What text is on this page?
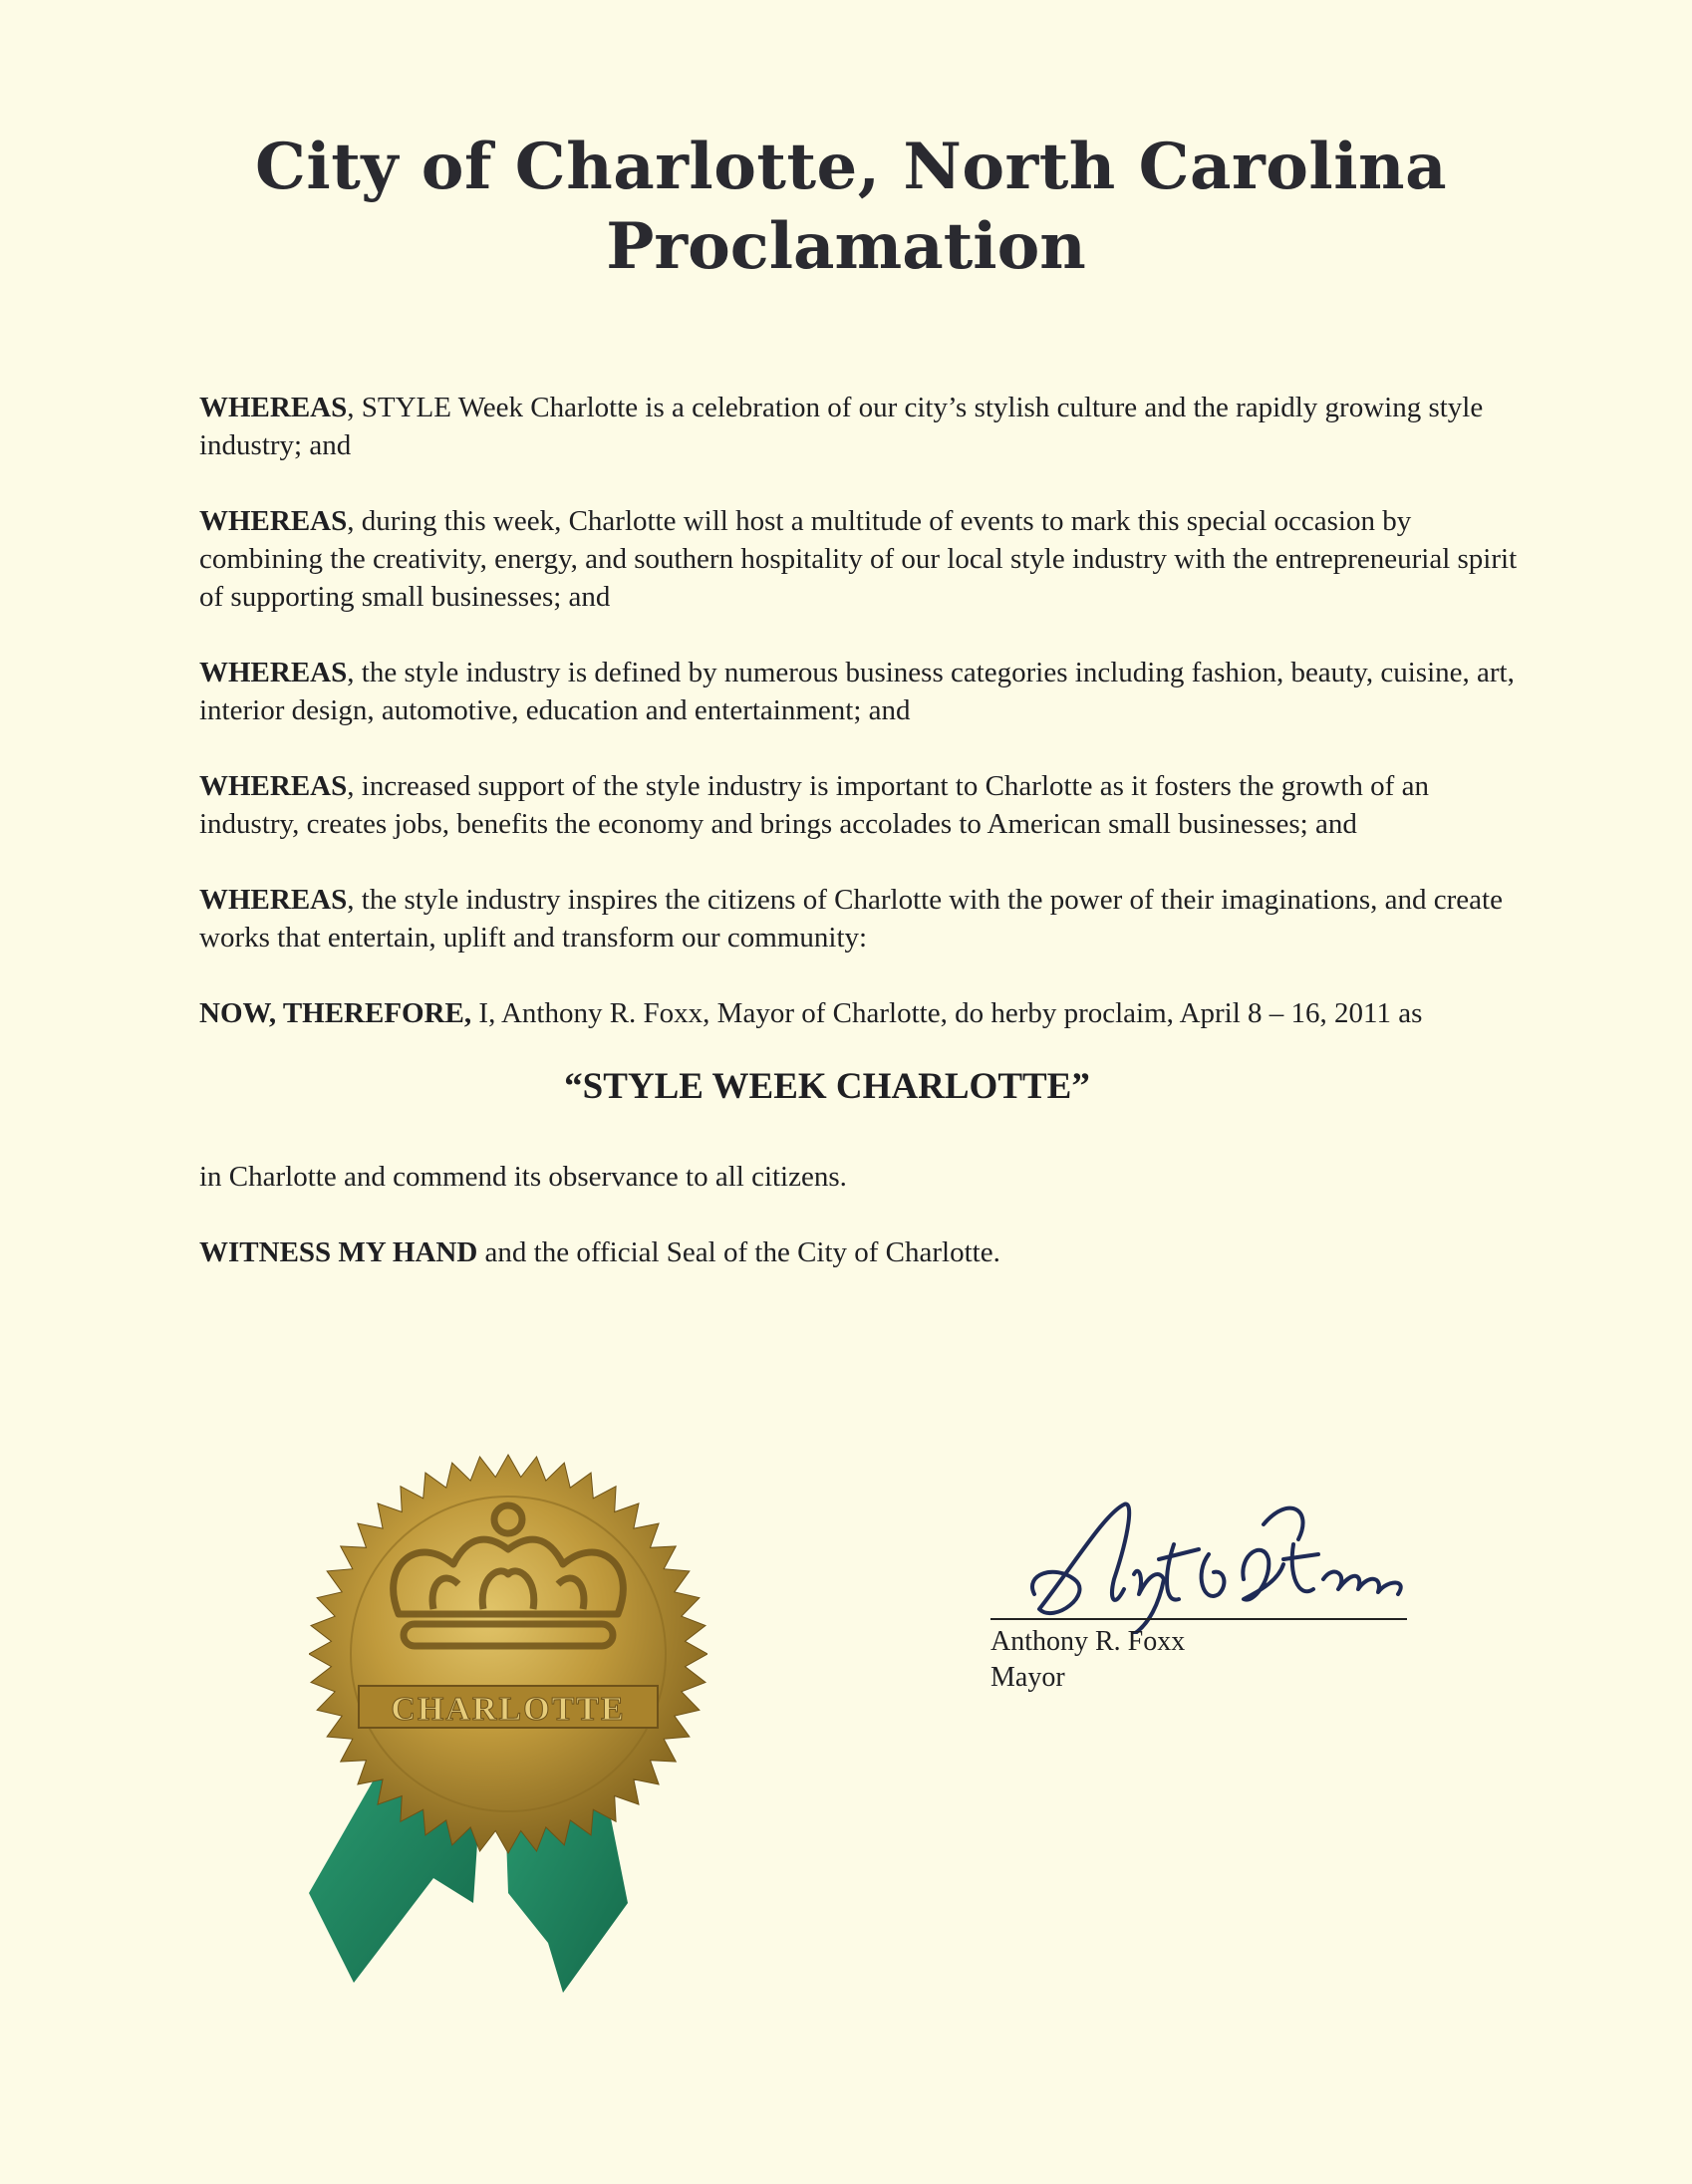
City of Charlotte, North Carolina
Proclamation

WHEREAS, STYLE Week Charlotte is a celebration of our city’s stylish culture and the rapidly growing style industry; and

WHEREAS, during this week, Charlotte will host a multitude of events to mark this special occasion by combining the creativity, energy, and southern hospitality of our local style industry with the entrepreneurial spirit of supporting small businesses; and

WHEREAS, the style industry is defined by numerous business categories including fashion, beauty, cuisine, art, interior design, automotive, education and entertainment; and

WHEREAS, increased support of the style industry is important to Charlotte as it fosters the growth of an industry, creates jobs, benefits the economy and brings accolades to American small businesses; and

WHEREAS, the style industry inspires the citizens of Charlotte with the power of their imaginations, and create works that entertain, uplift and transform our community:

NOW, THEREFORE, I, Anthony R. Foxx, Mayor of Charlotte, do herby proclaim, April 8 – 16, 2011 as

“STYLE WEEK CHARLOTTE”

in Charlotte and commend its observance to all citizens.

WITNESS MY HAND and the official Seal of the City of Charlotte.

CHARLOTTE
Anthony R. Foxx
Mayor
